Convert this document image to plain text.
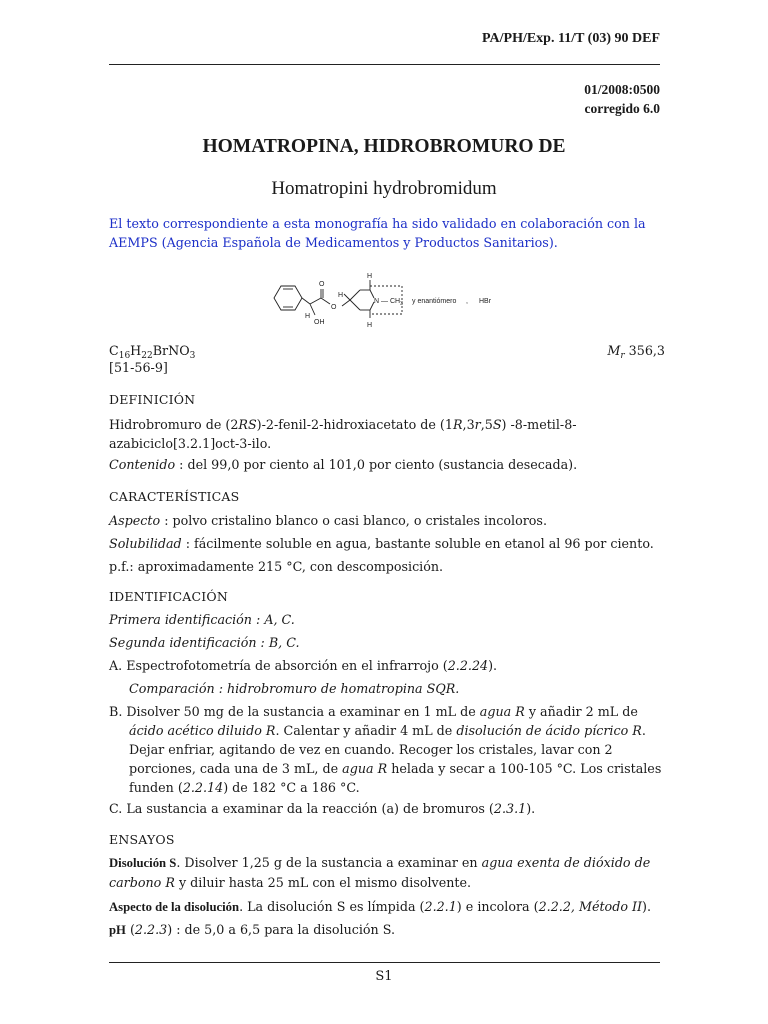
PA/PH/Exp. 11/T (03) 90 DEF
01/2008:0500
corregido 6.0
HOMATROPINA, HIDROBROMURO DE
Homatropini hydrobromidum
El texto correspondiente a esta monografía ha sido validado en colaboración con la AEMPS (Agencia Española de Medicamentos y Productos Sanitarios).
H
OH
O
O
H
H
H
N — $CH_3$ y enantiómero , HBr
$C_{16}H_{22}BrNO_3$	$M_r$ 356,3
[51-56-9]
DEFINICIÓN
Hidrobromuro de (2RS)-2-fenil-2-hidroxiacetato de (1R,3r,5S) -8-metil-8-azabiciclo[3.2.1]oct-3-ilo.
Contenido : del 99,0 por ciento al 101,0 por ciento (sustancia desecada).
CARACTERÍSTICAS
Aspecto : polvo cristalino blanco o casi blanco, o cristales incoloros.
Solubilidad : fácilmente soluble en agua, bastante soluble en etanol al 96 por ciento.
p.f.: aproximadamente 215 °C, con descomposición.
IDENTIFICACIÓN
Primera identificación : A, C.
Segunda identificación : B, C.
A. Espectrofotometría de absorción en el infrarrojo (2.2.24).
Comparación : hidrobromuro de homatropina SQR.
B. Disolver 50 mg de la sustancia a examinar en 1 mL de agua R y añadir 2 mL de ácido acético diluido R. Calentar y añadir 4 mL de disolución de ácido pícrico R. Dejar enfriar, agitando de vez en cuando. Recoger los cristales, lavar con 2 porciones, cada una de 3 mL, de agua R helada y secar a 100-105 °C. Los cristales funden (2.2.14) de 182 °C a 186 °C.
C. La sustancia a examinar da la reacción (a) de bromuros (2.3.1).
ENSAYOS
Disolución S. Disolver 1,25 g de la sustancia a examinar en agua exenta de dióxido de carbono R y diluir hasta 25 mL con el mismo disolvente.
Aspecto de la disolución. La disolución S es límpida (2.2.1) e incolora (2.2.2, Método II).
pH (2.2.3) : de 5,0 a 6,5 para la disolución S.
S1
